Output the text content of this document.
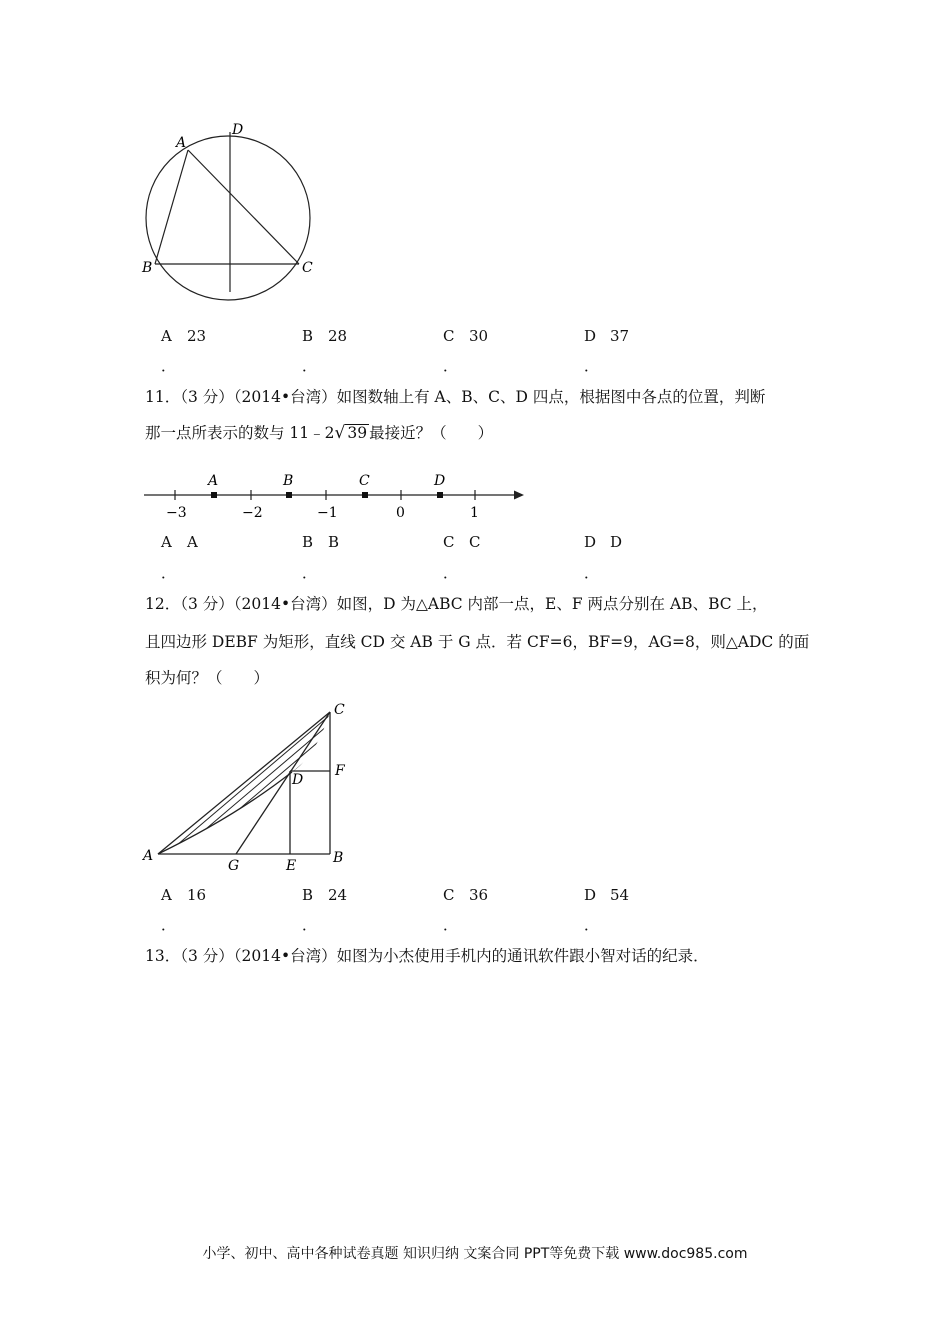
A
D
B	C
A 23	B 28	C 30	D 37
．	．	．	．
11．（3 分）（2014•台湾）如图数轴上有 A、B、C、D 四点，根据图中各点的位置，判断
那一点所表示的数与 11﹣2√ 39 最接近？（　　）
A	B	C	D
−3	−2	−1	0	1
A A	B B	C C	D D
．	．	．	．
12．（3 分）（2014•台湾）如图，D 为△ABC 内部一点，E、F 两点分别在 AB、BC 上，
且四边形 DEBF 为矩形，直线 CD 交 AB 于 G 点．若 CF=6，BF=9，AG=8，则△ADC 的面
积为何？（　　）
C
F
D
A
G	E	B
A 16	B 24	C 36	D 54
．	．	．	．
13．（3 分）（2014•台湾）如图为小杰使用手机内的通讯软件跟小智对话的纪录．
小学、初中、高中各种试卷真题 知识归纳 文案合同 PPT等免费下载 www.doc985.com
